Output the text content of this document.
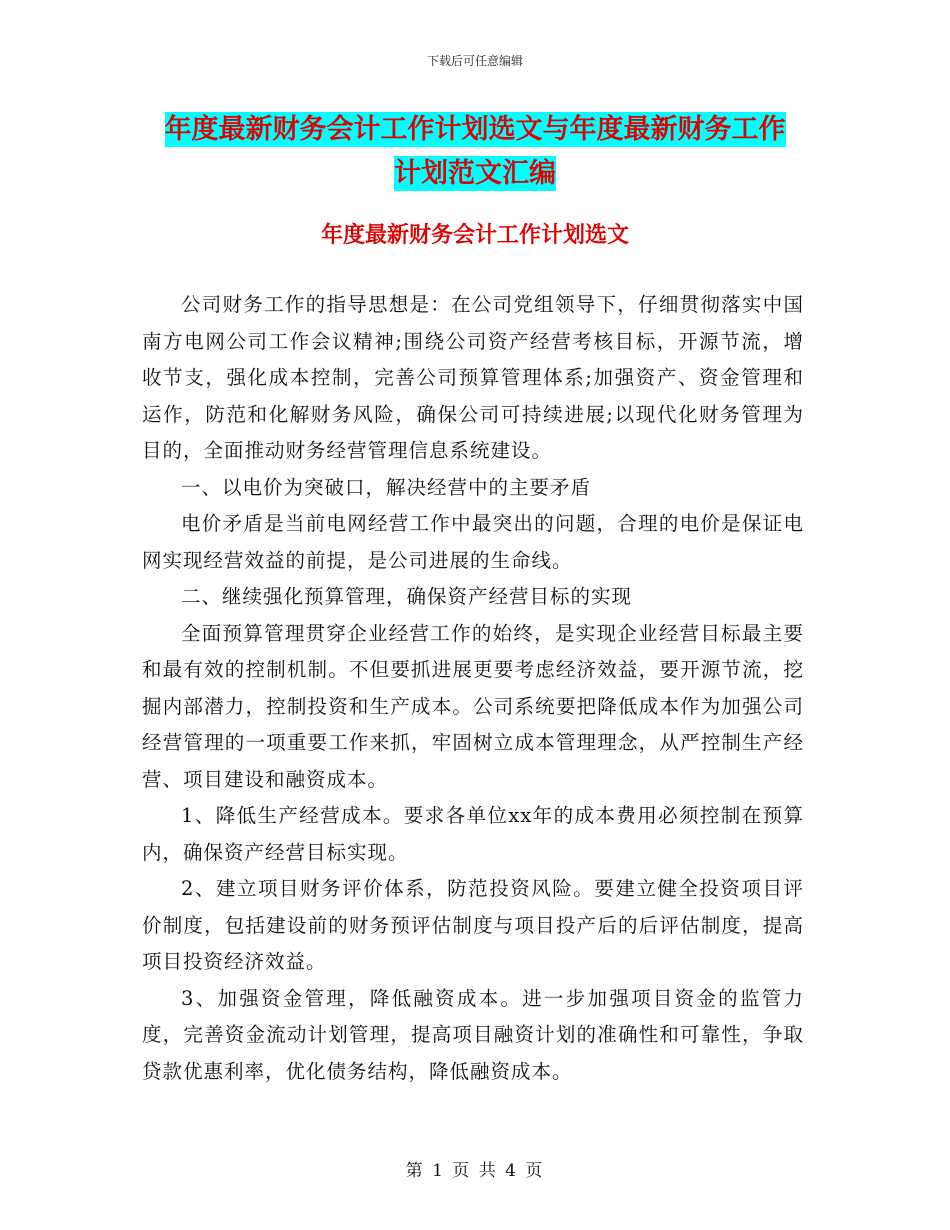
下载后可任意编辑
年度最新财务会计工作计划选文与年度最新财务工作
计划范文汇编
年度最新财务会计工作计划选文

公司财务工作的指导思想是：在公司党组领导下，仔细贯彻落实中国南方电网公司工作会议精神;围绕公司资产经营考核目标，开源节流，增收节支，强化成本控制，完善公司预算管理体系;加强资产、资金管理和运作，防范和化解财务风险，确保公司可持续进展;以现代化财务管理为目的，全面推动财务经营管理信息系统建设。

一、以电价为突破口，解决经营中的主要矛盾

电价矛盾是当前电网经营工作中最突出的问题，合理的电价是保证电网实现经营效益的前提，是公司进展的生命线。

二、继续强化预算管理，确保资产经营目标的实现

全面预算管理贯穿企业经营工作的始终，是实现企业经营目标最主要和最有效的控制机制。不但要抓进展更要考虑经济效益，要开源节流，挖掘内部潜力，控制投资和生产成本。公司系统要把降低成本作为加强公司经营管理的一项重要工作来抓，牢固树立成本管理理念，从严控制生产经营、项目建设和融资成本。

1、降低生产经营成本。要求各单位xx年的成本费用必须控制在预算内，确保资产经营目标实现。

2、建立项目财务评价体系，防范投资风险。要建立健全投资项目评价制度，包括建设前的财务预评估制度与项目投产后的后评估制度，提高项目投资经济效益。

3、加强资金管理，降低融资成本。进一步加强项目资金的监管力度，完善资金流动计划管理，提高项目融资计划的准确性和可靠性，争取贷款优惠利率，优化债务结构，降低融资成本。

第 1 页 共 4 页
